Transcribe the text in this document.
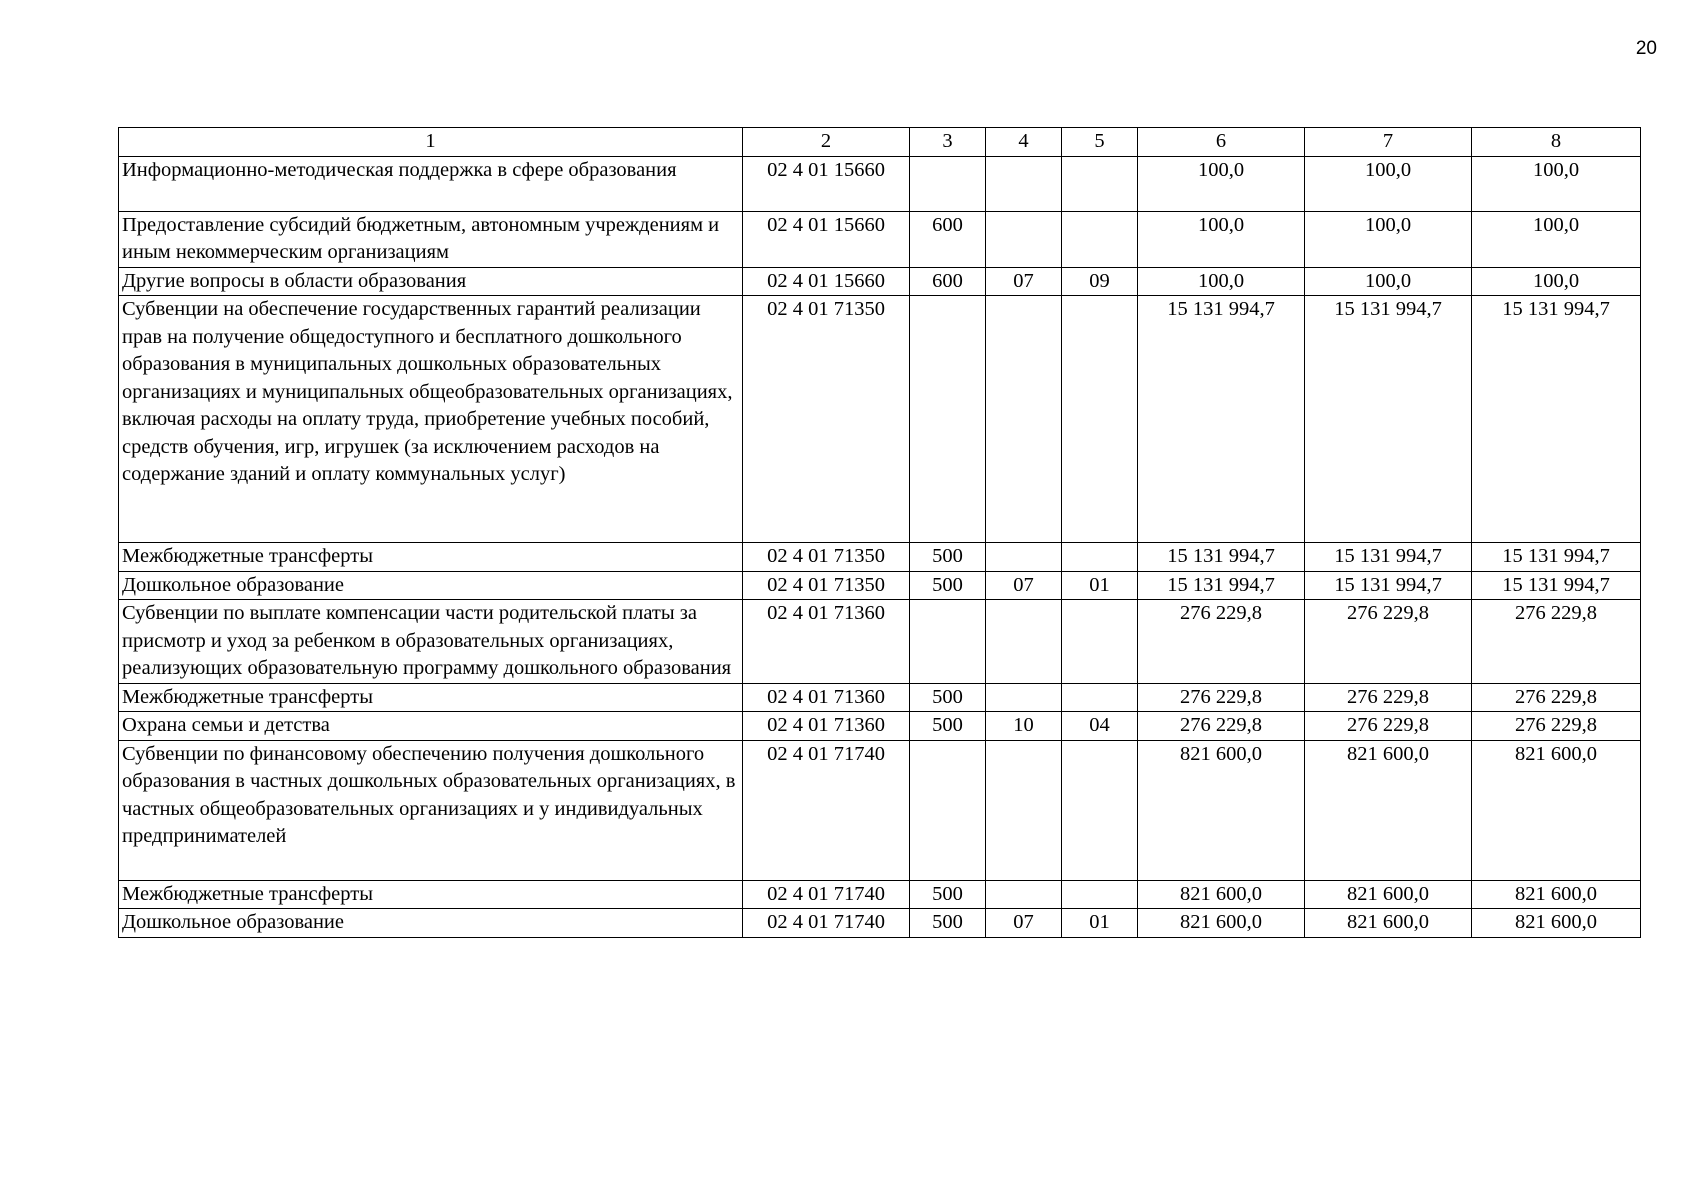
20
1	2	3	4	5	6	7	8
Информационно-методическая поддержка в сфере образования	02 4 01 15660				100,0	100,0	100,0
Предоставление субсидий бюджетным, автономным учреждениям и иным некоммерческим организациям	02 4 01 15660	600			100,0	100,0	100,0
Другие вопросы в области образования	02 4 01 15660	600	07	09	100,0	100,0	100,0
Субвенции на обеспечение государственных гарантий реализации прав на получение общедоступного и бесплатного дошкольного образования в муниципальных дошкольных образовательных организациях и муниципальных общеобразовательных организациях, включая расходы на оплату труда, приобретение учебных пособий, средств обучения, игр, игрушек (за исключением расходов на содержание зданий и оплату коммунальных услуг)	02 4 01 71350				15 131 994,7	15 131 994,7	15 131 994,7
Межбюджетные трансферты	02 4 01 71350	500			15 131 994,7	15 131 994,7	15 131 994,7
Дошкольное образование	02 4 01 71350	500	07	01	15 131 994,7	15 131 994,7	15 131 994,7
Субвенции по выплате компенсации части родительской платы за присмотр и уход за ребенком в образовательных организациях, реализующих образовательную программу дошкольного образования	02 4 01 71360				276 229,8	276 229,8	276 229,8
Межбюджетные трансферты	02 4 01 71360	500			276 229,8	276 229,8	276 229,8
Охрана семьи и детства	02 4 01 71360	500	10	04	276 229,8	276 229,8	276 229,8
Субвенции по финансовому обеспечению получения дошкольного образования в частных дошкольных образовательных организациях, в частных общеобразовательных организациях и у индивидуальных предпринимателей	02 4 01 71740				821 600,0	821 600,0	821 600,0
Межбюджетные трансферты	02 4 01 71740	500			821 600,0	821 600,0	821 600,0
Дошкольное образование	02 4 01 71740	500	07	01	821 600,0	821 600,0	821 600,0
